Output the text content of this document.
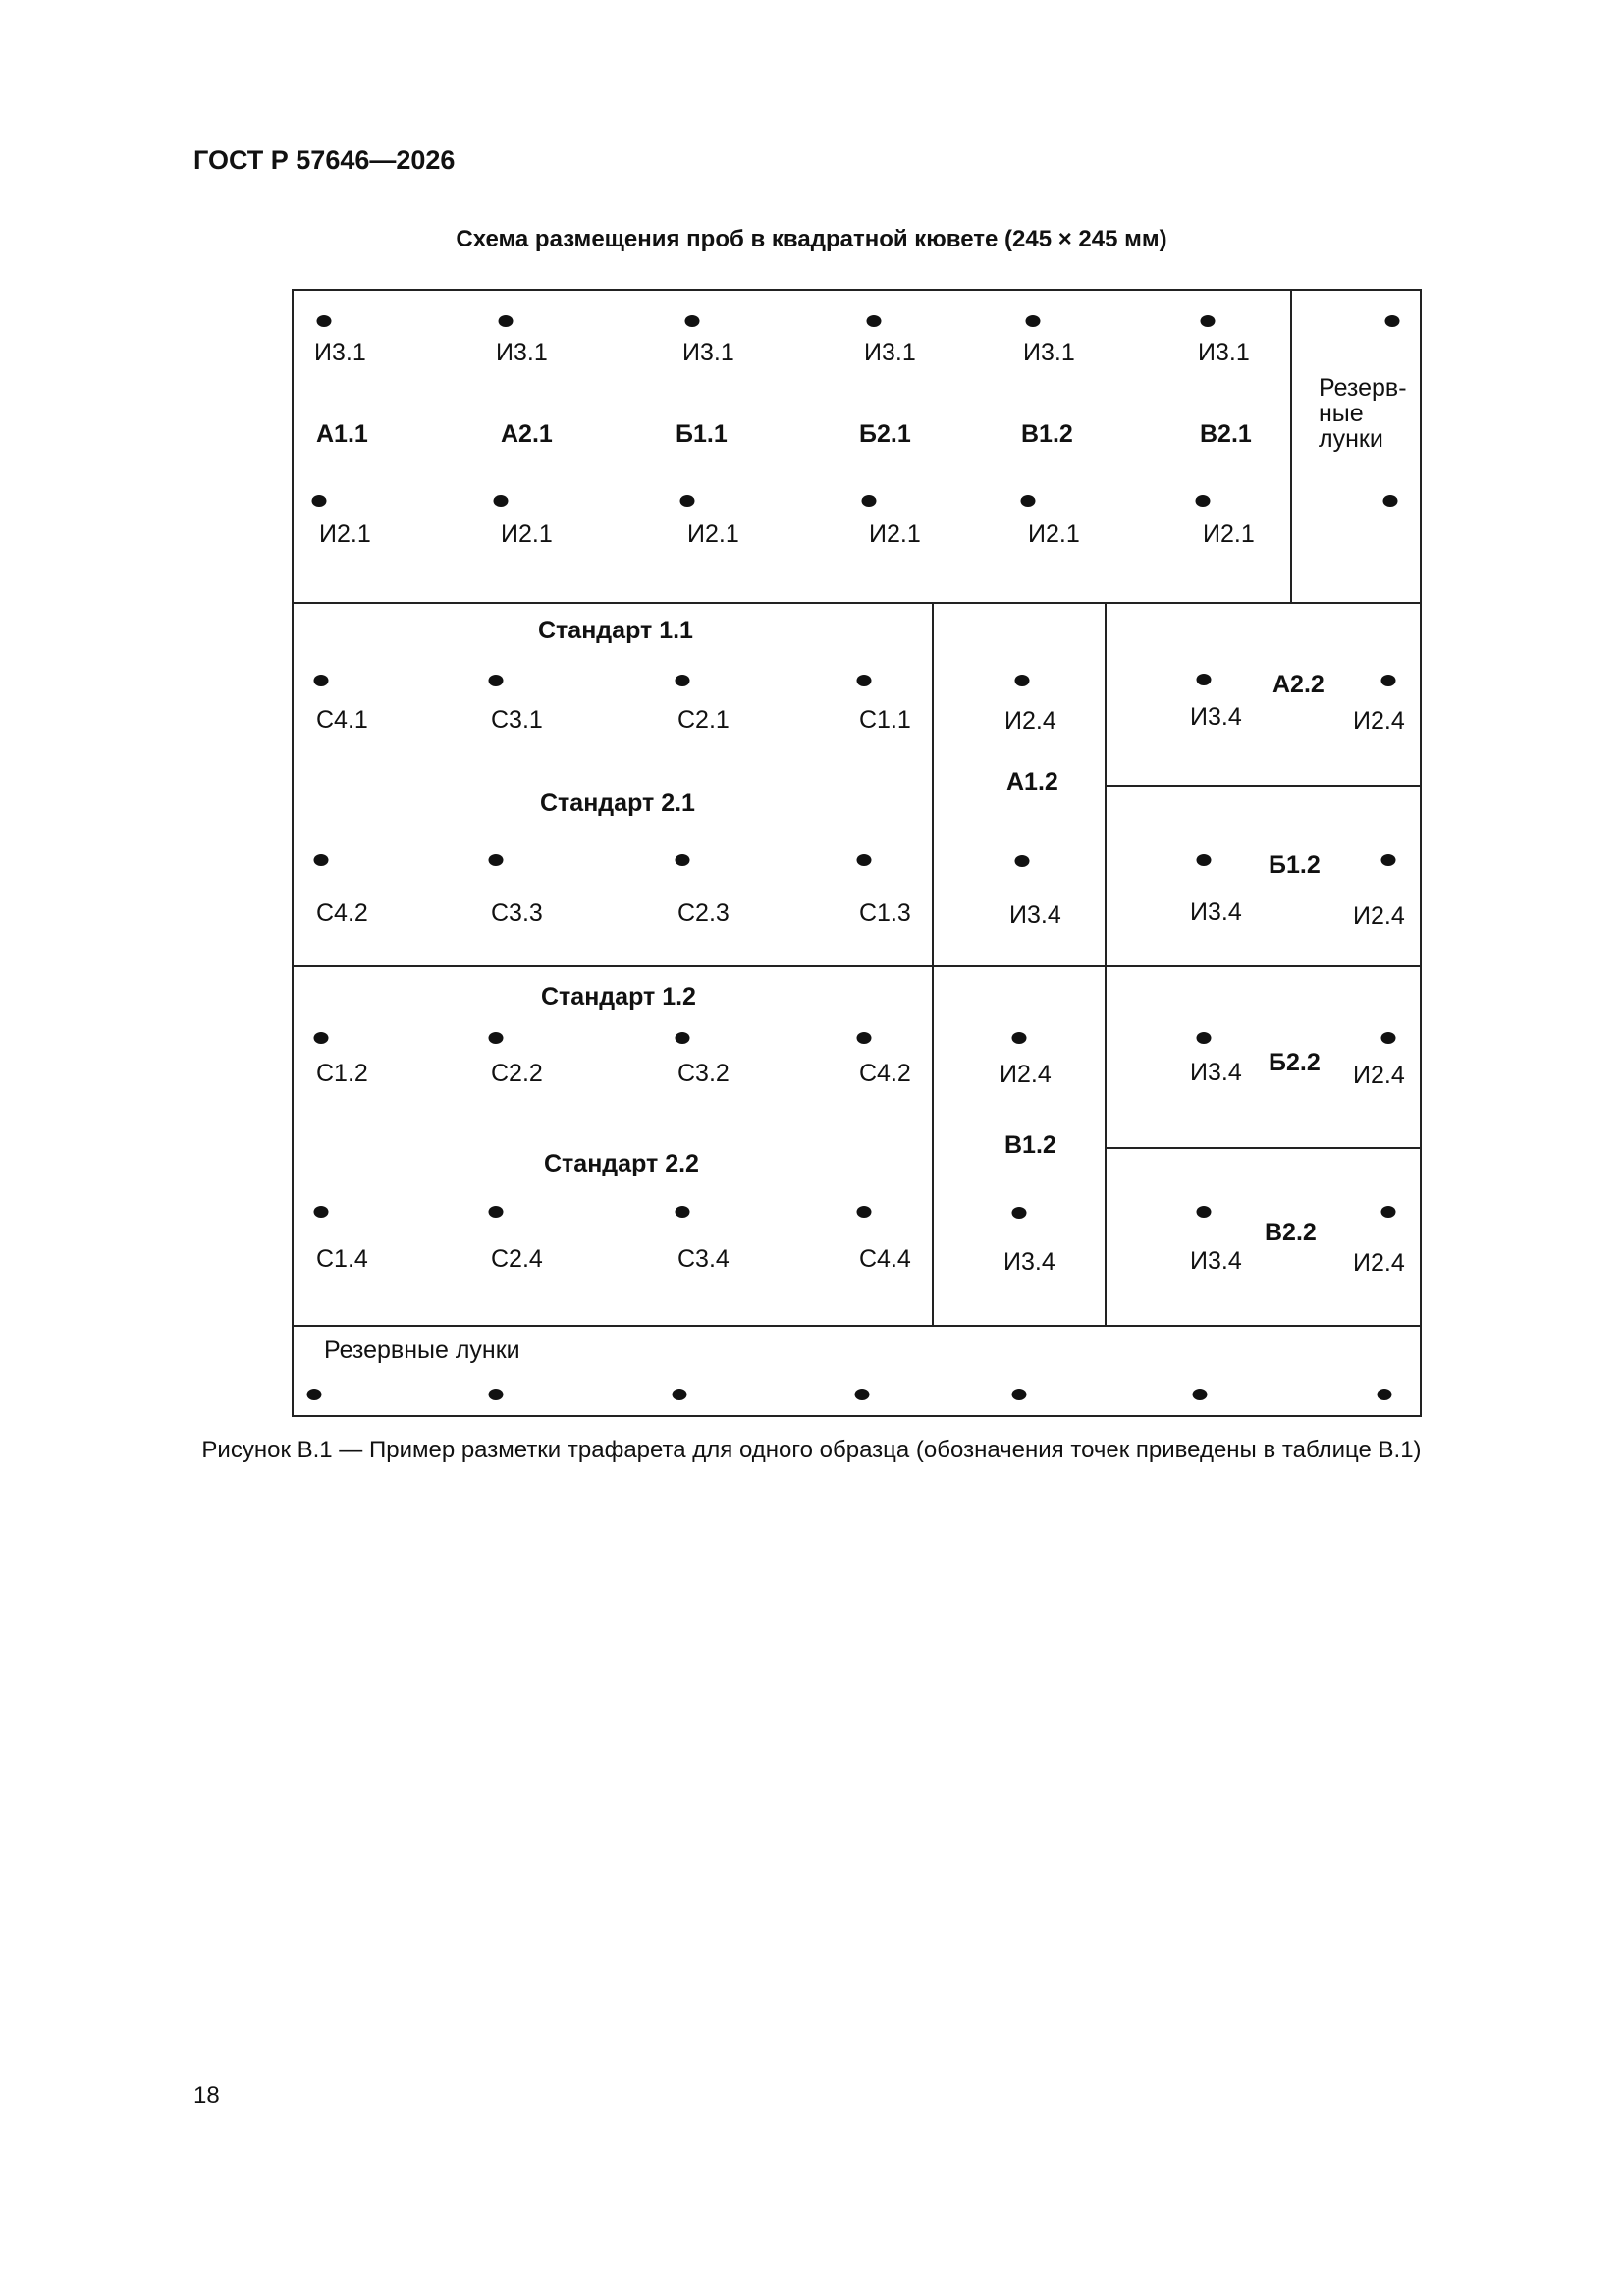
ГОСТ Р 57646—2026
Схема размещения проб в квадратной кювете (245 × 245 мм)
И3.1
А1.1
И2.1
И3.1
А2.1
И2.1
И3.1
Б1.1
И2.1
И3.1
Б2.1
И2.1
И3.1
В1.2
И2.1
И3.1
В2.1
И2.1
Резерв-
ные
лунки
Стандарт 1.1
С4.1	С3.1	С2.1	С1.1
Стандарт 2.1
С4.2	С3.3	С2.3	С1.3
Стандарт 1.2
С1.2	С2.2	С3.2	С4.2
Стандарт 2.2
С1.4	С2.4	С3.4	С4.4
И2.4
А1.2
И3.4
И2.4
В1.2
И3.4
А2.2
И3.4	И2.4
Б1.2
И3.4	И2.4
Б2.2
И3.4	И2.4
В2.2
И3.4	И2.4
Резервные лунки
Рисунок В.1 — Пример разметки трафарета для одного образца (обозначения точек приведены в таблице В.1)
18
